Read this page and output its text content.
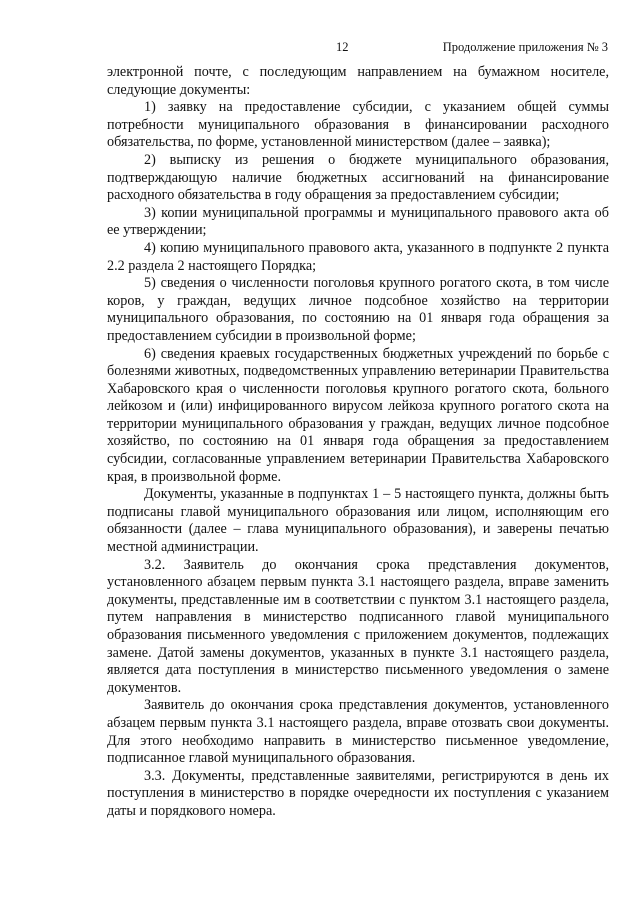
12	Продолжение приложения № 3

электронной почте, с последующим направлением на бумажном носителе, следующие документы:

1) заявку на предоставление субсидии, с указанием общей суммы потребности муниципального образования в финансировании расходного обязательства, по форме, установленной министерством (далее – заявка);

2) выписку из решения о бюджете муниципального образования, подтверждающую наличие бюджетных ассигнований на финансирование расходного обязательства в году обращения за предоставлением субсидии;

3) копии муниципальной программы и муниципального правового акта об ее утверждении;

4) копию муниципального правового акта, указанного в подпункте 2 пункта 2.2 раздела 2 настоящего Порядка;

5) сведения о численности поголовья крупного рогатого скота, в том числе коров, у граждан, ведущих личное подсобное хозяйство на территории муниципального образования, по состоянию на 01 января года обращения за предоставлением субсидии в произвольной форме;

6) сведения краевых государственных бюджетных учреждений по борьбе с болезнями животных, подведомственных управлению ветеринарии Правительства Хабаровского края о численности поголовья крупного рогатого скота, больного лейкозом и (или) инфицированного вирусом лейкоза крупного рогатого скота на территории муниципального образования у граждан, ведущих личное подсобное хозяйство, по состоянию на 01 января года обращения за предоставлением субсидии, согласованные управлением ветеринарии Правительства Хабаровского края, в произвольной форме.

Документы, указанные в подпунктах 1 – 5 настоящего пункта, должны быть подписаны главой муниципального образования или лицом, исполняющим его обязанности (далее – глава муниципального образования), и заверены печатью местной администрации.

3.2. Заявитель до окончания срока представления документов, установленного абзацем первым пункта 3.1 настоящего раздела, вправе заменить документы, представленные им в соответствии с пунктом 3.1 настоящего раздела, путем направления в министерство подписанного главой муниципального образования письменного уведомления с приложением документов, подлежащих замене. Датой замены документов, указанных в пункте 3.1 настоящего раздела, является дата поступления в министерство письменного уведомления о замене документов.

Заявитель до окончания срока представления документов, установленного абзацем первым пункта 3.1 настоящего раздела, вправе отозвать свои документы. Для этого необходимо направить в министерство письменное уведомление, подписанное главой муниципального образования.

3.3. Документы, представленные заявителями, регистрируются в день их поступления в министерство в порядке очередности их поступления с указанием даты и порядкового номера.
